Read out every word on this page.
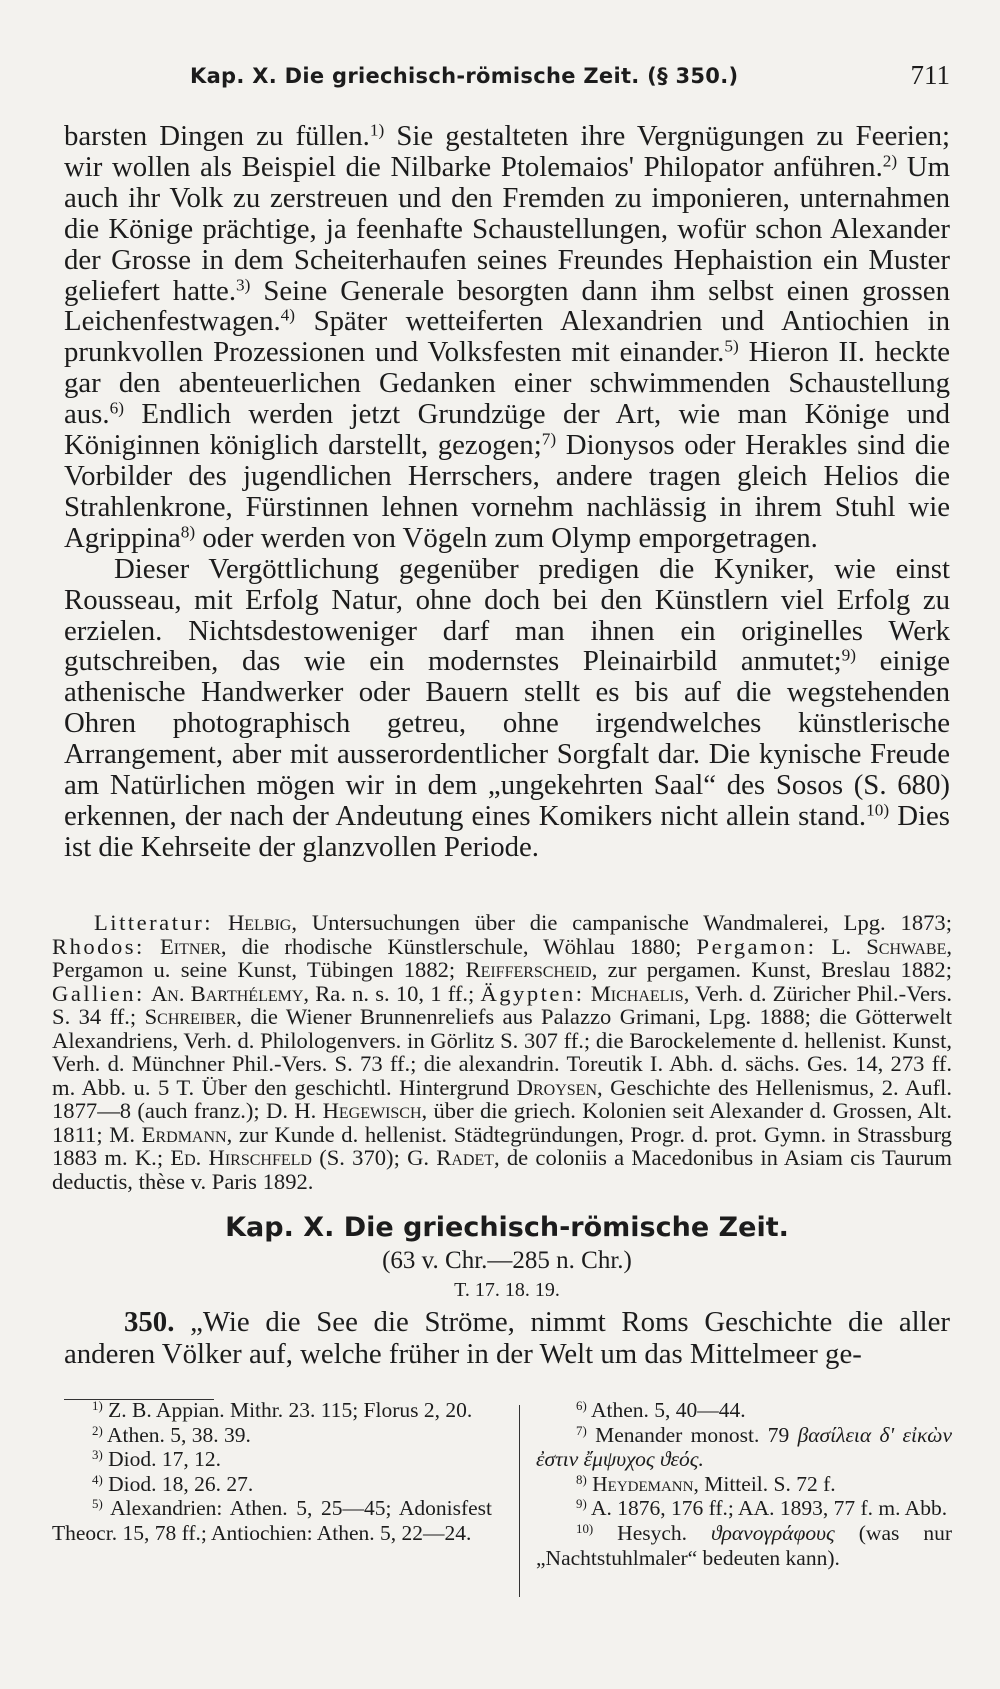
Kap. X. Die griechisch-römische Zeit. (§ 350.)	711

barsten Dingen zu füllen.$^{1)}$ Sie gestalteten ihre Vergnügungen zu Feerien; wir wollen als Beispiel die Nilbarke Ptolemaios' Philopator anführen.$^{2)}$ Um auch ihr Volk zu zerstreuen und den Fremden zu imponieren, unternahmen die Könige prächtige, ja feenhafte Schaustellungen, wofür schon Alexander der Grosse in dem Scheiterhaufen seines Freundes Hephaistion ein Muster geliefert hatte.$^{3)}$ Seine Generale besorgten dann ihm selbst einen grossen Leichenfestwagen.$^{4)}$ Später wetteiferten Alexandrien und Antiochien in prunkvollen Prozessionen und Volksfesten mit einander.$^{5)}$ Hieron II. heckte gar den abenteuerlichen Gedanken einer schwimmenden Schaustellung aus.$^{6)}$ Endlich werden jetzt Grundzüge der Art, wie man Könige und Königinnen königlich darstellt, gezogen;$^{7)}$ Dionysos oder Herakles sind die Vorbilder des jugendlichen Herrschers, andere tragen gleich Helios die Strahlenkrone, Fürstinnen lehnen vornehm nachlässig in ihrem Stuhl wie Agrippina$^{8)}$ oder werden von Vögeln zum Olymp emporgetragen.

Dieser Vergöttlichung gegenüber predigen die Kyniker, wie einst Rousseau, mit Erfolg Natur, ohne doch bei den Künstlern viel Erfolg zu erzielen. Nichtsdestoweniger darf man ihnen ein originelles Werk gutschreiben, das wie ein modernstes Pleinairbild anmutet;$^{9)}$ einige athenische Handwerker oder Bauern stellt es bis auf die wegstehenden Ohren photographisch getreu, ohne irgendwelches künstlerische Arrangement, aber mit ausserordentlicher Sorgfalt dar. Die kynische Freude am Natürlichen mögen wir in dem „ungekehrten Saal“ des Sosos (S. 680) erkennen, der nach der Andeutung eines Komikers nicht allein stand.$^{10)}$ Dies ist die Kehrseite der glanzvollen Periode.

Litteratur: Helbig, Untersuchungen über die campanische Wandmalerei, Lpg. 1873; Rhodos: Eitner, die rhodische Künstlerschule, Wöhlau 1880; Pergamon: L. Schwabe, Pergamon u. seine Kunst, Tübingen 1882; Reifferscheid, zur pergamen. Kunst, Breslau 1882; Gallien: An. Barthélemy, Ra. n. s. 10, 1 ff.; Ägypten: Michaelis, Verh. d. Züricher Phil.-Vers. S. 34 ff.; Schreiber, die Wiener Brunnenreliefs aus Palazzo Grimani, Lpg. 1888; die Götterwelt Alexandriens, Verh. d. Philologenvers. in Görlitz S. 307 ff.; die Barockelemente d. hellenist. Kunst, Verh. d. Münchner Phil.-Vers. S. 73 ff.; die alexandrin. Toreutik I. Abh. d. sächs. Ges. 14, 273 ff. m. Abb. u. 5 T. Über den geschichtl. Hintergrund Droysen, Geschichte des Hellenismus, 2. Aufl. 1877—8 (auch franz.); D. H. Hegewisch, über die griech. Kolonien seit Alexander d. Grossen, Alt. 1811; M. Erdmann, zur Kunde d. hellenist. Städtegründungen, Progr. d. prot. Gymn. in Strassburg 1883 m. K.; Ed. Hirschfeld (S. 370); G. Radet, de coloniis a Macedonibus in Asiam cis Taurum deductis, thèse v. Paris 1892.

Kap. X. Die griechisch-römische Zeit.
(63 v. Chr.—285 n. Chr.)
T. 17. 18. 19.

350. „Wie die See die Ströme, nimmt Roms Geschichte die aller anderen Völker auf, welche früher in der Welt um das Mittelmeer ge-

$^{1)}$ Z. B. Appian. Mithr. 23. 115; Florus 2, 20.

$^{2)}$ Athen. 5, 38. 39.

$^{3)}$ Diod. 17, 12.

$^{4)}$ Diod. 18, 26. 27.

$^{5)}$ Alexandrien: Athen. 5, 25—45; Adonisfest Theocr. 15, 78 ff.; Antiochien: Athen. 5, 22—24.

$^{6)}$ Athen. 5, 40—44.

$^{7)}$ Menander monost. 79 βασίλεια δ' εἰκὼν ἐστιν ἔμψυχος ϑεός.

$^{8)}$ Heydemann, Mitteil. S. 72 f.

$^{9)}$ A. 1876, 176 ff.; AA. 1893, 77 f. m. Abb.

$^{10)}$ Hesych. ϑρανογράφους (was nur „Nachtstuhlmaler“ bedeuten kann).
